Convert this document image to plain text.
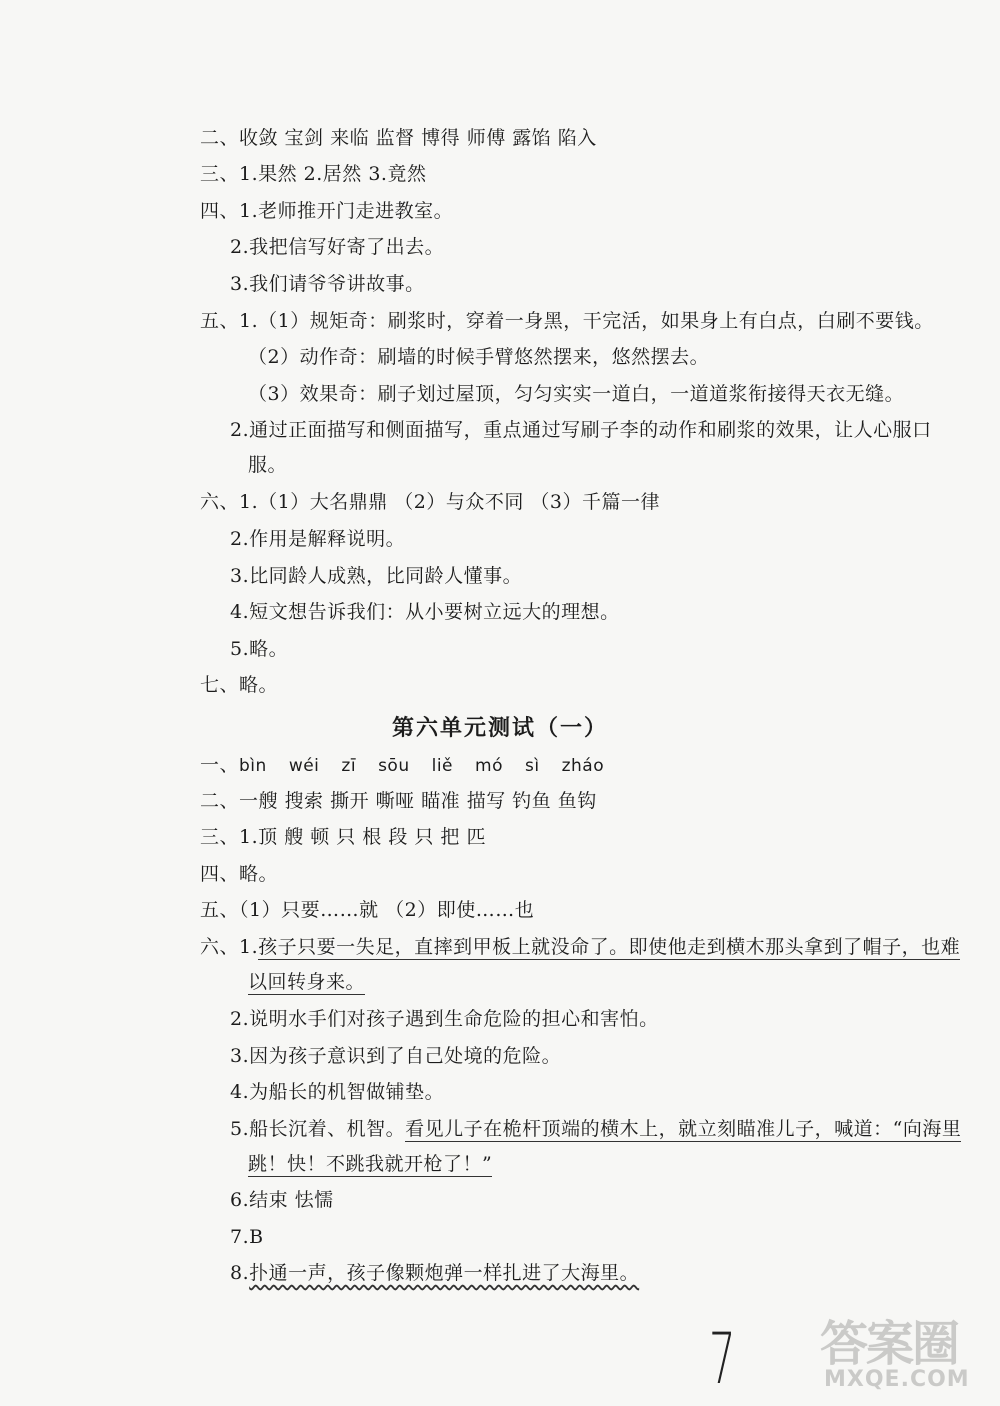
二、收敛 宝剑 来临 监督 博得 师傅 露馅 陷入
三、1.果然 2.居然 3.竟然
四、1.老师推开门走进教室。
2.我把信写好寄了出去。
3.我们请爷爷讲故事。
五、1.（1）规矩奇：刷浆时，穿着一身黑，干完活，如果身上有白点，白刷不要钱。
（2）动作奇：刷墙的时候手臂悠然摆来，悠然摆去。
（3）效果奇：刷子划过屋顶，匀匀实实一道白，一道道浆衔接得天衣无缝。
2.通过正面描写和侧面描写，重点通过写刷子李的动作和刷浆的效果，让人心服口
服。
六、1.（1）大名鼎鼎 （2）与众不同 （3）千篇一律
2.作用是解释说明。
3.比同龄人成熟，比同龄人懂事。
4.短文想告诉我们：从小要树立远大的理想。
5.略。
七、略。
第六单元测试（一）
一、bìn wéi zī sōu liě mó sì zháo
二、一艘 搜索 撕开 嘶哑 瞄准 描写 钓鱼 鱼钩
三、1.顶 艘 顿 只 根 段 只 把 匹
四、略。
五、（1）只要……就 （2）即使……也
六、1.孩子只要一失足，直摔到甲板上就没命了。即使他走到横木那头拿到了帽子，也难
以回转身来。
2.说明水手们对孩子遇到生命危险的担心和害怕。
3.因为孩子意识到了自己处境的危险。
4.为船长的机智做铺垫。
5.船长沉着、机智。看见儿子在桅杆顶端的横木上，就立刻瞄准儿子，喊道：“向海里
跳！快！不跳我就开枪了！”
6.结束 怯懦
7.B
8.扑通一声，孩子像颗炮弹一样扎进了大海里。
7 答案圈
MXQE.COM
